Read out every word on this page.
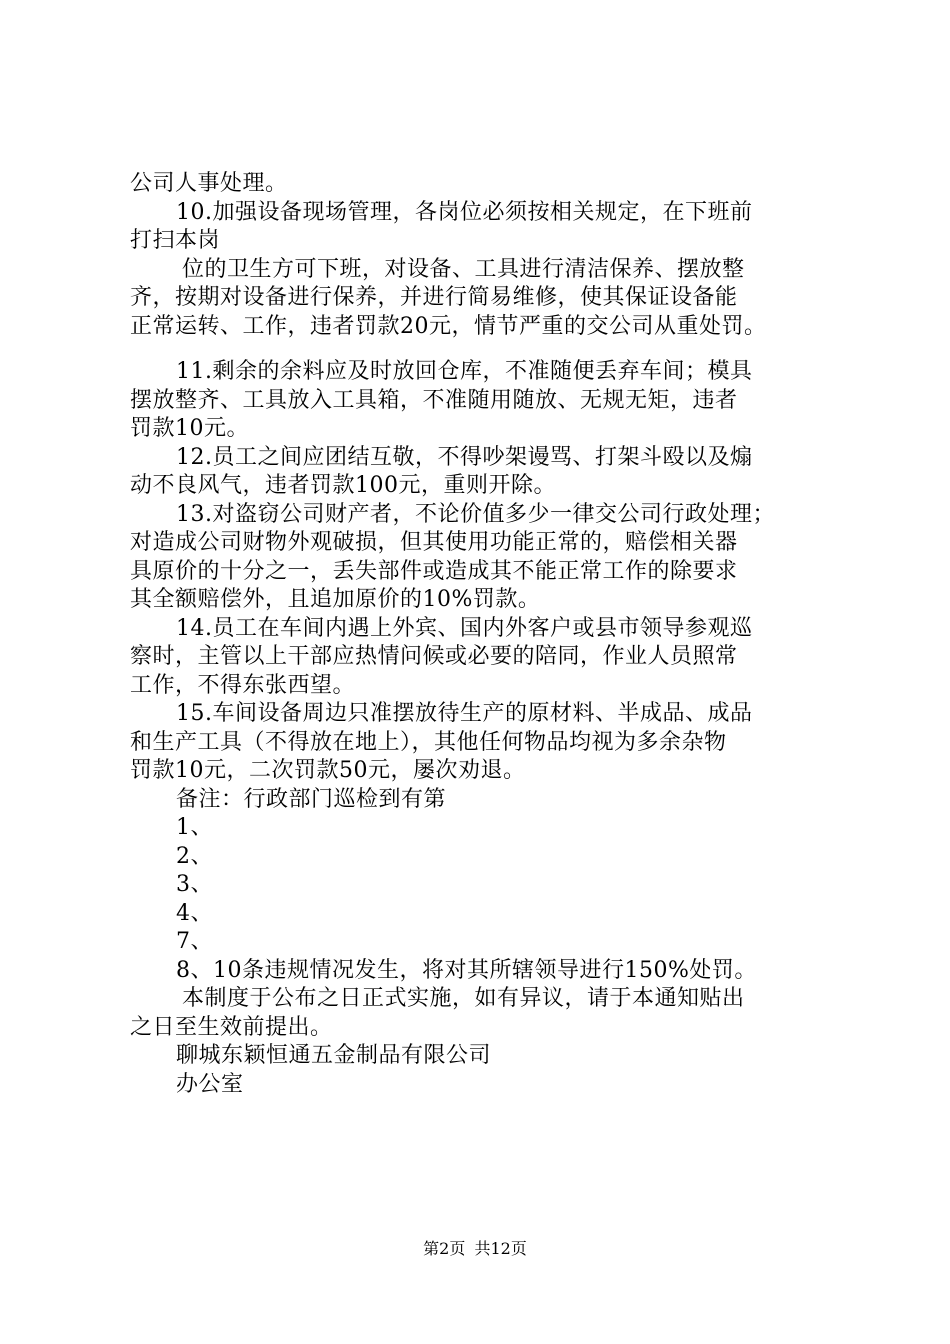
公司人事处理。
10.加强设备现场管理，各岗位必须按相关规定，在下班前
打扫本岗
位的卫生方可下班，对设备、工具进行清洁保养、摆放整
齐，按期对设备进行保养，并进行简易维修，使其保证设备能
正常运转、工作，违者罚款20元，情节严重的交公司从重处罚。
11.剩余的余料应及时放回仓库，不准随便丢弃车间；模具
摆放整齐、工具放入工具箱，不准随用随放、无规无矩，违者
罚款10元。
12.员工之间应团结互敬，不得吵架谩骂、打架斗殴以及煽
动不良风气，违者罚款100元，重则开除。
13.对盗窃公司财产者，不论价值多少一律交公司行政处理；
对造成公司财物外观破损，但其使用功能正常的，赔偿相关器
具原价的十分之一，丢失部件或造成其不能正常工作的除要求
其全额赔偿外，且追加原价的10%罚款。
14.员工在车间内遇上外宾、国内外客户或县市领导参观巡
察时，主管以上干部应热情问候或必要的陪同，作业人员照常
工作，不得东张西望。
15.车间设备周边只准摆放待生产的原材料、半成品、成品
和生产工具（不得放在地上），其他任何物品均视为多余杂物
罚款10元，二次罚款50元，屡次劝退。
备注：行政部门巡检到有第
1、
2、
3、
4、
7、
8、10条违规情况发生，将对其所辖领导进行150%处罚。
本制度于公布之日正式实施，如有异议，请于本通知贴出
之日至生效前提出。
聊城东颖恒通五金制品有限公司
办公室
第2页 共12页
